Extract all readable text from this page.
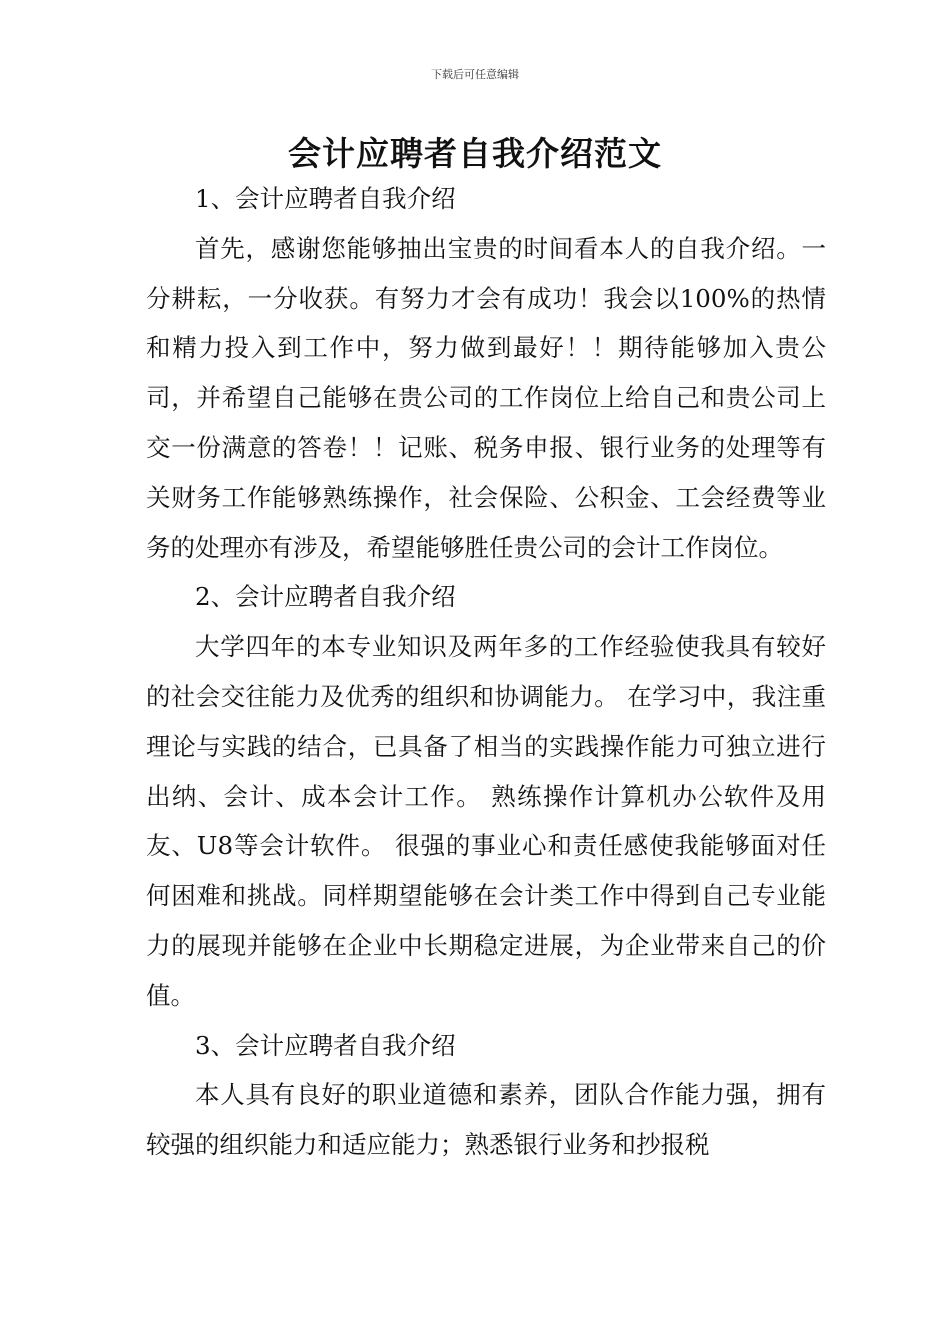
下载后可任意编辑
会计应聘者自我介绍范文

1、会计应聘者自我介绍

首先，感谢您能够抽出宝贵的时间看本人的自我介绍。一分耕耘，一分收获。有努力才会有成功！我会以100%的热情和精力投入到工作中，努力做到最好！！期待能够加入贵公司，并希望自己能够在贵公司的工作岗位上给自己和贵公司上交一份满意的答卷！！记账、税务申报、银行业务的处理等有关财务工作能够熟练操作，社会保险、公积金、工会经费等业务的处理亦有涉及，希望能够胜任贵公司的会计工作岗位。

2、会计应聘者自我介绍

大学四年的本专业知识及两年多的工作经验使我具有较好的社会交往能力及优秀的组织和协调能力。 在学习中，我注重理论与实践的结合，已具备了相当的实践操作能力可独立进行出纳、会计、成本会计工作。 熟练操作计算机办公软件及用友、U8等会计软件。 很强的事业心和责任感使我能够面对任何困难和挑战。同样期望能够在会计类工作中得到自己专业能力的展现并能够在企业中长期稳定进展，为企业带来自己的价值。

3、会计应聘者自我介绍

本人具有良好的职业道德和素养，团队合作能力强，拥有较强的组织能力和适应能力；熟悉银行业务和抄报税
